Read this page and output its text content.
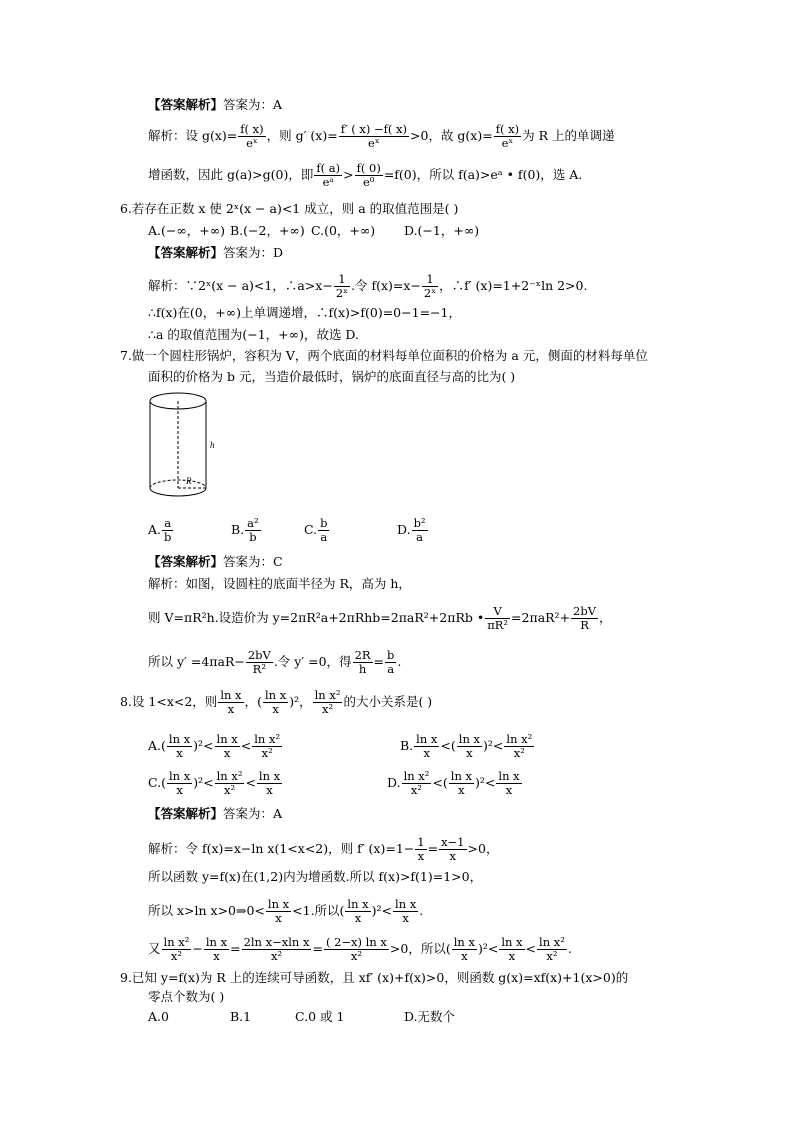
【答案解析】答案为：A
解析：设 $g(x)= \frac{f( x)}{\text{eˣ}}$ ，则 g′ $(x)= \frac{f' ( x) -f( x)}{\text{eˣ}} >0$，故 $g(x)= \frac{f( x)}{\text{eˣ}}$ 为 R 上的单调递
增函数，因此 g(a)>g(0)，即 $\frac{f( a)}{\text{eᵃ}} > \frac{f( 0)}{\text{e⁰}} =f(0)$，所以 f(a)>eᵃ • f(0)，选 A.
6.若存在正数 x 使 2ˣ(x − a)<1 成立，则 a 的取值范围是( )
A.(−∞，+∞) B.(−2，+∞) C.(0，+∞) D.(−1，+∞)
【答案解析】答案为：D
解析：∵2ˣ(x − a)<1，∴a>x− $\frac{1}{\text{2ˣ}}$ .令 $f(x)=x- \frac{1}{\text{2ˣ}}$ ，∴f′ (x)=1+2⁻ˣln 2>0.
∴f(x)在(0，+∞)上单调递增，∴f(x)>f(0)=0−1=−1，
∴a 的取值范围为(−1，+∞)，故选 D.
7.做一个圆柱形锅炉，容积为 V，两个底面的材料每单位面积的价格为 a 元，侧面的材料每单位
面积的价格为 b 元，当造价最低时，锅炉的底面直径与高的比为( )
h
R
A. $\frac{a}{b}$	B. $\frac{\text{a²}}{b}$	C. $\frac{b}{a}$	D. $\frac{\text{b²}}{a}$
【答案解析】答案为：C
解析：如图，设圆柱的底面半径为 R，高为 h，
则 V=πR²h.设造价为 y=2πR²a+2πRhb=2πaR²+2πRb • $\frac{V}{\text{πR²}} =2\pi aR^2+ \frac{2bV}{R}$ ，
所以 $y' =4\pi aR- \frac{2bV}{\text{R²}}$ .令 y′ =0，得 $\frac{2R}{h} = \frac{b}{a}$ .
8.设 1<x<2，则 $\frac{\text{ln x}}{x}$ ，( $\frac{\text{ln x}}{x} )^2$， $\frac{\text{ln x²}}{\text{x²}}$ 的大小关系是( )
$A.( \frac{\text{ln x}}{x} )^2< \frac{\text{ln x}}{x} < \frac{\text{ln x²}}{\text{x²}}$	B. $\frac{\text{ln x}}{x}$ <( $\frac{\text{ln x}}{x} )^2< \frac{\text{ln x²}}{\text{x²}}$
$C.( \frac{\text{ln x}}{x} )^2< \frac{\text{ln x²}}{\text{x²}} < \frac{\text{ln x}}{x}$	D. $\frac{\text{ln x²}}{\text{x²}}$ <( $\frac{\text{ln x}}{x} )^2< \frac{\text{ln x}}{x}$
【答案解析】答案为：A
解析：令 f(x)=x−ln x(1<x<2)，则 f′ $(x)=1- \frac{1}{x} = \frac{x-1}{x} >0$，
所以函数 y=f(x)在(1,2)内为增函数.所以 f(x)>f(1)=1>0，
所以 x>ln x>0⇒0< $\frac{\text{ln x}}{x} <1$.所以( $\frac{\text{ln x}}{x} )^2< \frac{\text{ln x}}{x}$ .
又 $\frac{\text{ln x²}}{\text{x²}} - \frac{\text{ln x}}{x} = \frac{\text{2ln x−xln x}}{\text{x²}} = \frac{\text{( 2−x) ln x}}{\text{x²}} >0$，所以( $\frac{\text{ln x}}{x} )^2< \frac{\text{ln x}}{x} < \frac{\text{ln x²}}{\text{x²}}$ .
9.已知 y=f(x)为 R 上的连续可导函数，且 xf′ (x)+f(x)>0，则函数 g(x)=xf(x)+1(x>0)的
零点个数为( )
A.0	B.1	C.0 或 1	D.无数个
